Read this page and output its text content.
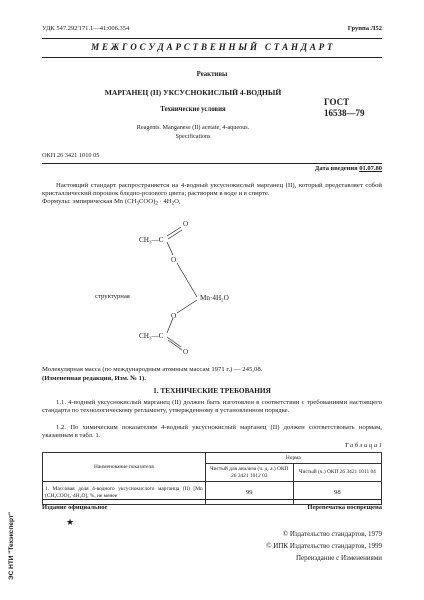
УДК 547.292'171.1—41:006.354	Группа Л52
М Е Ж Г О С У Д А Р С Т В Е Н Н Ы Й   С Т А Н Д А Р Т
Реактивы
МАРГАНЕЦ (II) УКСУСНОКИСЛЫЙ 4-ВОДНЫЙ
Технические условия
Reagents. Manganese (II) acetate, 4-aqueous.
Specifications
ГОСТ
16538—79
ОКП 26 3421 1010 05
Дата введения 01.07.80
Настоящий стандарт распространяется на 4-водный уксуснокислый марганец (II), который представляет собой кристаллический порошок бледно-розового цвета; растворим в воде и в спирте.
Формулы: эмпирическая Mn $(CH_3COO)_2 \cdot 4H_2O$,
CH₃—C
O
O
Mn·4H₂O
O
CH₃—C
O
структурная
Молекулярная масса (по международным атомным массам 1971 г.) — 245,08.
(Измененная редакция, Изм. № 1).
1. ТЕХНИЧЕСКИЕ ТРЕБОВАНИЯ
1.1. 4-водный уксуснокислый марганец (II) должен быть изготовлен в соответствии с требованиями настоящего стандарта по технологическому регламенту, утвержденному в установленном порядке.
1.2. По химическим показателям 4-водный уксуснокислый марганец (II) должен соответствовать нормам, указанным в табл. 1.
Т а б л и ц а 1
Наименование показателя	Норма	
	Чистый для анализа (ч. д. а.) ОКП 26 3421 1012 03	Чистый (ч.) ОКП 26 3421 1011 04
1. Массовая доля 4-водного уксуснокислого марганца (II) [Mn (CH₃COO)₂·4H₂O], %, не менее	99	98
Издание официальное	Перепечатка воспрещена
★
© Издательство стандартов, 1979
© ИПК Издательство стандартов, 1999
Переиздание с Изменениями
ЭС НТИ "Техэксперт"
